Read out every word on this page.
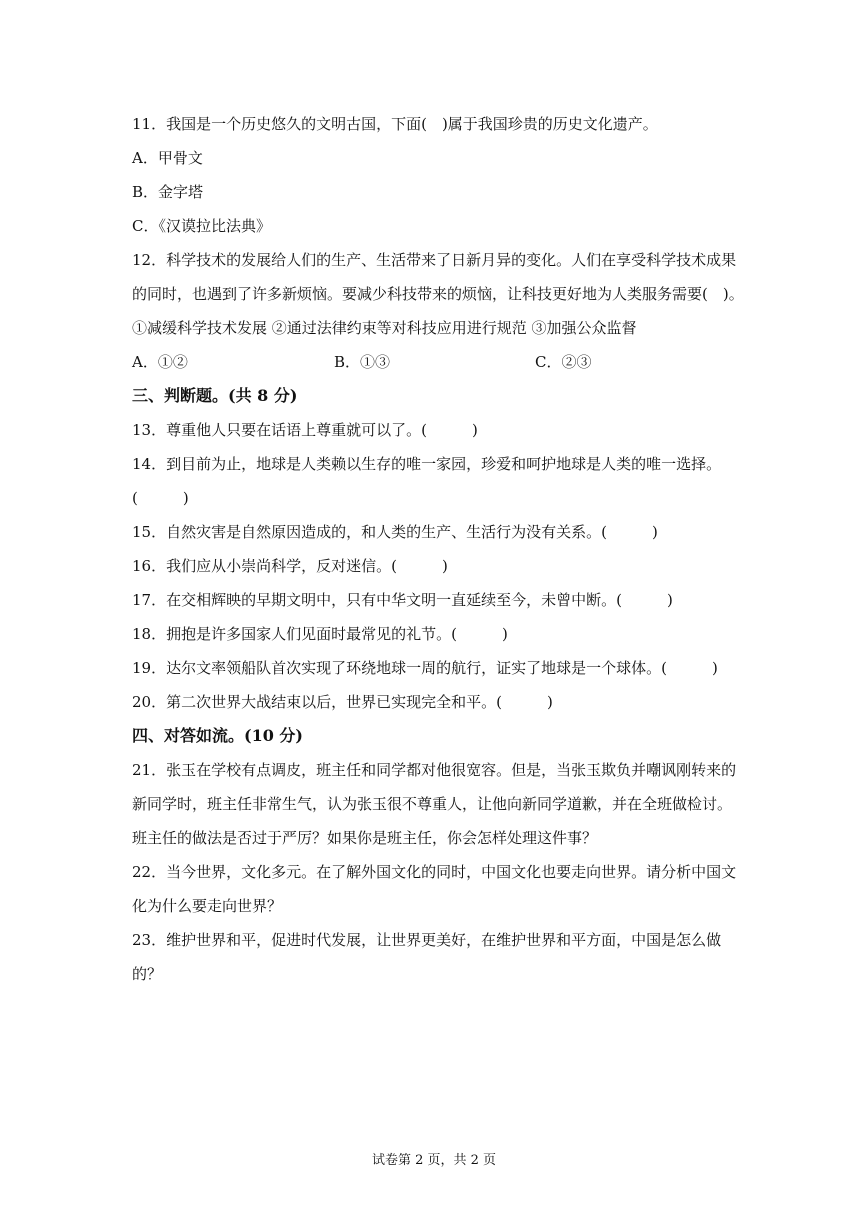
11．我国是一个历史悠久的文明古国，下面(　)属于我国珍贵的历史文化遗产。
A．甲骨文
B．金字塔
C．《汉谟拉比法典》
12．科学技术的发展给人们的生产、生活带来了日新月异的变化。人们在享受科学技术成果
的同时，也遇到了许多新烦恼。要减少科技带来的烦恼，让科技更好地为人类服务需要(　)。
①减缓科学技术发展 ②通过法律约束等对科技应用进行规范 ③加强公众监督
A．①②	B．①③	C．②③
三、判断题。(共 8 分)
13．尊重他人只要在话语上尊重就可以了。(　　　)
14．到目前为止，地球是人类赖以生存的唯一家园，珍爱和呵护地球是人类的唯一选择。
(　　　)
15．自然灾害是自然原因造成的，和人类的生产、生活行为没有关系。(　　　)
16．我们应从小崇尚科学，反对迷信。(　　　)
17．在交相辉映的早期文明中，只有中华文明一直延续至今，未曾中断。(　　　)
18．拥抱是许多国家人们见面时最常见的礼节。(　　　)
19．达尔文率领船队首次实现了环绕地球一周的航行，证实了地球是一个球体。(　　　)
20．第二次世界大战结束以后，世界已实现完全和平。(　　　)
四、对答如流。(10 分)
21．张玉在学校有点调皮，班主任和同学都对他很宽容。但是，当张玉欺负并嘲讽刚转来的
新同学时，班主任非常生气，认为张玉很不尊重人，让他向新同学道歉，并在全班做检讨。
班主任的做法是否过于严厉？如果你是班主任，你会怎样处理这件事？
22．当今世界，文化多元。在了解外国文化的同时，中国文化也要走向世界。请分析中国文
化为什么要走向世界？
23．维护世界和平，促进时代发展，让世界更美好，在维护世界和平方面，中国是怎么做
的？
试卷第 2 页，共 2 页
